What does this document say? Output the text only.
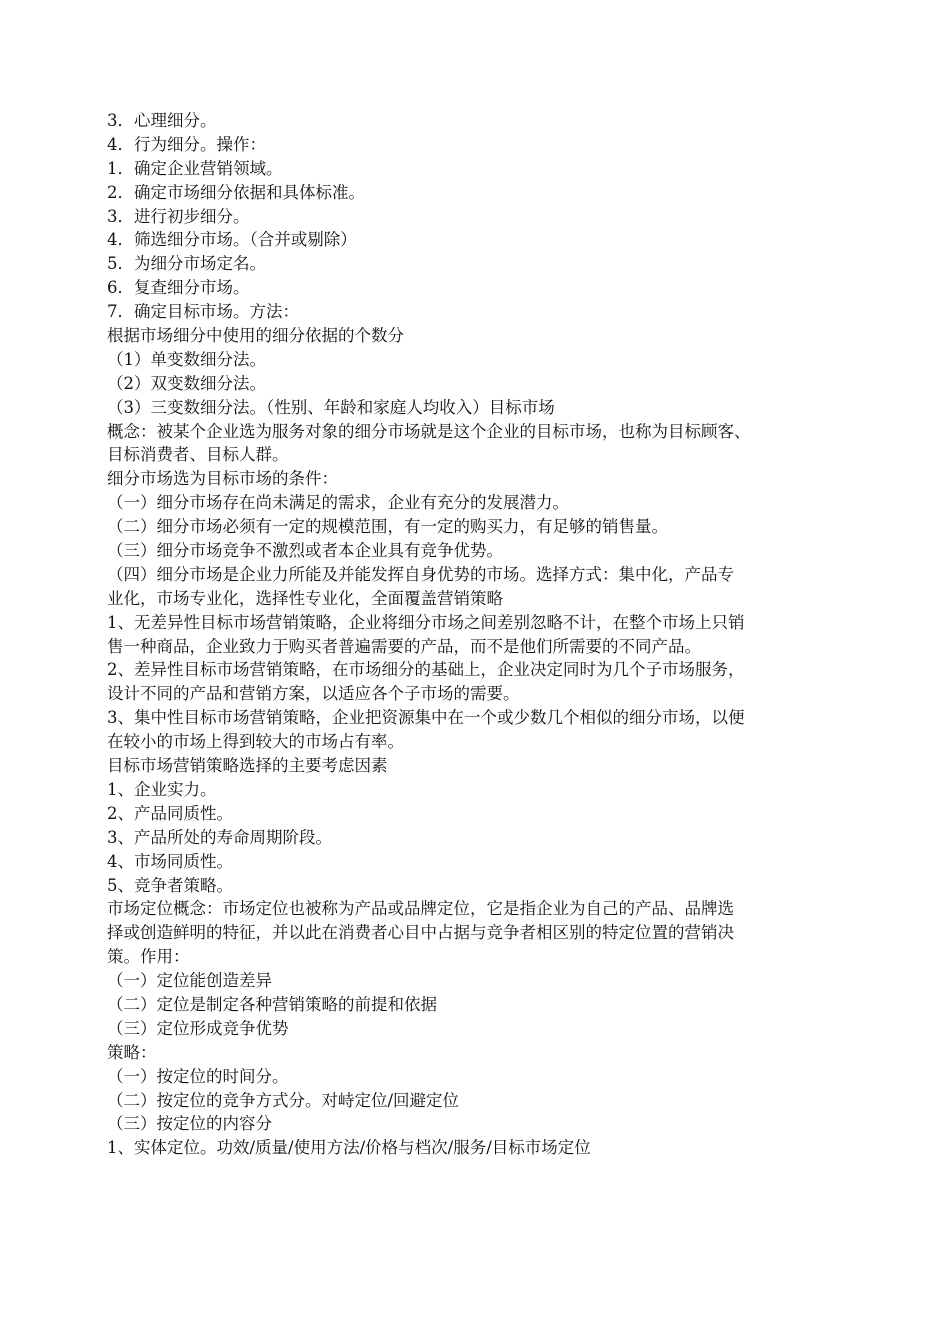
3．心理细分。
4．行为细分。操作：
1．确定企业营销领域。
2．确定市场细分依据和具体标准。
3．进行初步细分。
4．筛选细分市场。（合并或剔除）
5．为细分市场定名。
6．复查细分市场。
7．确定目标市场。方法：
根据市场细分中使用的细分依据的个数分
（1）单变数细分法。
（2）双变数细分法。
（3）三变数细分法。（性别、年龄和家庭人均收入）目标市场
概念：被某个企业选为服务对象的细分市场就是这个企业的目标市场，也称为目标顾客、
目标消费者、目标人群。
细分市场选为目标市场的条件：
（一）细分市场存在尚未满足的需求，企业有充分的发展潜力。
（二）细分市场必须有一定的规模范围，有一定的购买力，有足够的销售量。
（三）细分市场竞争不激烈或者本企业具有竞争优势。
（四）细分市场是企业力所能及并能发挥自身优势的市场。选择方式：集中化，产品专
业化，市场专业化，选择性专业化，全面覆盖营销策略
1、无差异性目标市场营销策略，企业将细分市场之间差别忽略不计，在整个市场上只销
售一种商品，企业致力于购买者普遍需要的产品，而不是他们所需要的不同产品。
2、差异性目标市场营销策略，在市场细分的基础上，企业决定同时为几个子市场服务，
设计不同的产品和营销方案，以适应各个子市场的需要。
3、集中性目标市场营销策略，企业把资源集中在一个或少数几个相似的细分市场，以便
在较小的市场上得到较大的市场占有率。
目标市场营销策略选择的主要考虑因素
1、企业实力。
2、产品同质性。
3、产品所处的寿命周期阶段。
4、市场同质性。
5、竞争者策略。
市场定位概念：市场定位也被称为产品或品牌定位，它是指企业为自己的产品、品牌选
择或创造鲜明的特征，并以此在消费者心目中占据与竞争者相区别的特定位置的营销决
策。作用：
（一）定位能创造差异
（二）定位是制定各种营销策略的前提和依据
（三）定位形成竞争优势
策略：
（一）按定位的时间分。
（二）按定位的竞争方式分。对峙定位/回避定位
（三）按定位的内容分
1、实体定位。功效/质量/使用方法/价格与档次/服务/目标市场定位
